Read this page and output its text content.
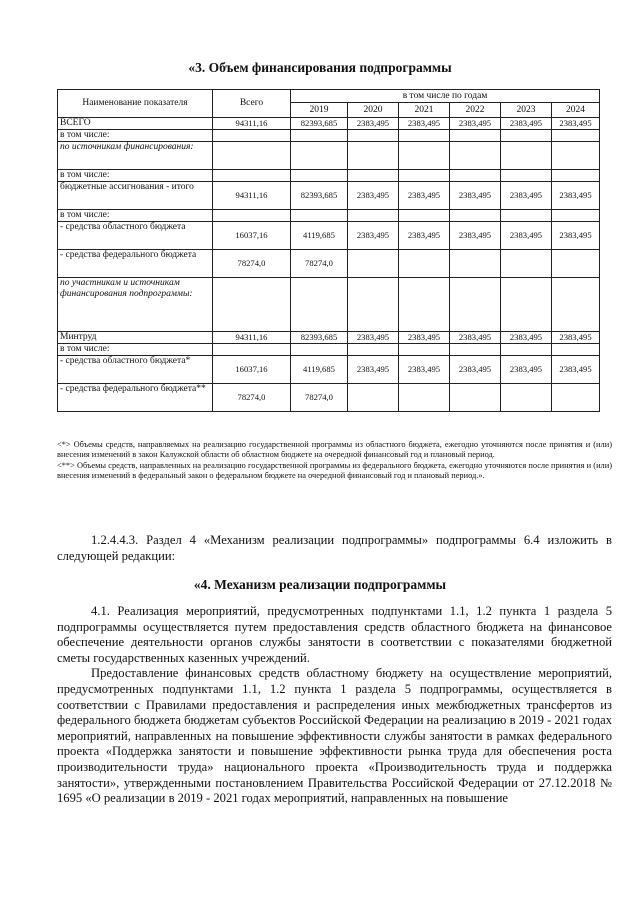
«3. Объем финансирования подпрограммы
Наименование показателя	Всего	в том числе по годам					
		2019	2020	2021	2022	2023	2024
ВСЕГО	94311,16	82393,685	2383,495	2383,495	2383,495	2383,495	2383,495
в том числе:							
по источникам финансирования:							
в том числе:							
бюджетные ассигнования - итого	94311,16	82393,685	2383,495	2383,495	2383,495	2383,495	2383,495
в том числе:							
- средства областного бюджета	16037,16	4119,685	2383,495	2383,495	2383,495	2383,495	2383,495
- средства федерального бюджета	78274,0	78274,0					
по участникам и источникам финансирования подпрограммы:							
Минтруд	94311,16	82393,685	2383,495	2383,495	2383,495	2383,495	2383,495
в том числе:							
- средства областного бюджета*	16037,16	4119,685	2383,495	2383,495	2383,495	2383,495	2383,495
- средства федерального бюджета**	78274,0	78274,0					

<*> Объемы средств, направляемых на реализацию государственной программы из областного бюджета, ежегодно уточняются после принятия и (или) внесения изменений в закон Калужской области об областном бюджете на очередной финансовый год и плановый период.

<**> Объемы средств, направленных на реализацию государственной программы из федерального бюджета, ежегодно уточняются после принятия и (или) внесения изменений в федеральный закон о федеральном бюджете на очередной финансовый год и плановый период.».

1.2.4.4.3. Раздел 4 «Механизм реализации подпрограммы» подпрограммы 6.4 изложить в следующей редакции:

«4. Механизм реализации подпрограммы

4.1. Реализация мероприятий, предусмотренных подпунктами 1.1, 1.2 пункта 1 раздела 5 подпрограммы осуществляется путем предоставления средств областного бюджета на финансовое обеспечение деятельности органов службы занятости в соответствии с показателями бюджетной сметы государственных казенных учреждений.

Предоставление финансовых средств областному бюджету на осуществление мероприятий, предусмотренных подпунктами 1.1, 1.2 пункта 1 раздела 5 подпрограммы, осуществляется в соответствии с Правилами предоставления и распределения иных межбюджетных трансфертов из федерального бюджета бюджетам субъектов Российской Федерации на реализацию в 2019 - 2021 годах мероприятий, направленных на повышение эффективности службы занятости в рамках федерального проекта «Поддержка занятости и повышение эффективности рынка труда для обеспечения роста производительности труда» национального проекта «Производительность труда и поддержка занятости», утвержденными постановлением Правительства Российской Федерации от 27.12.2018 № 1695 «О реализации в 2019 - 2021 годах мероприятий, направленных на повышение
